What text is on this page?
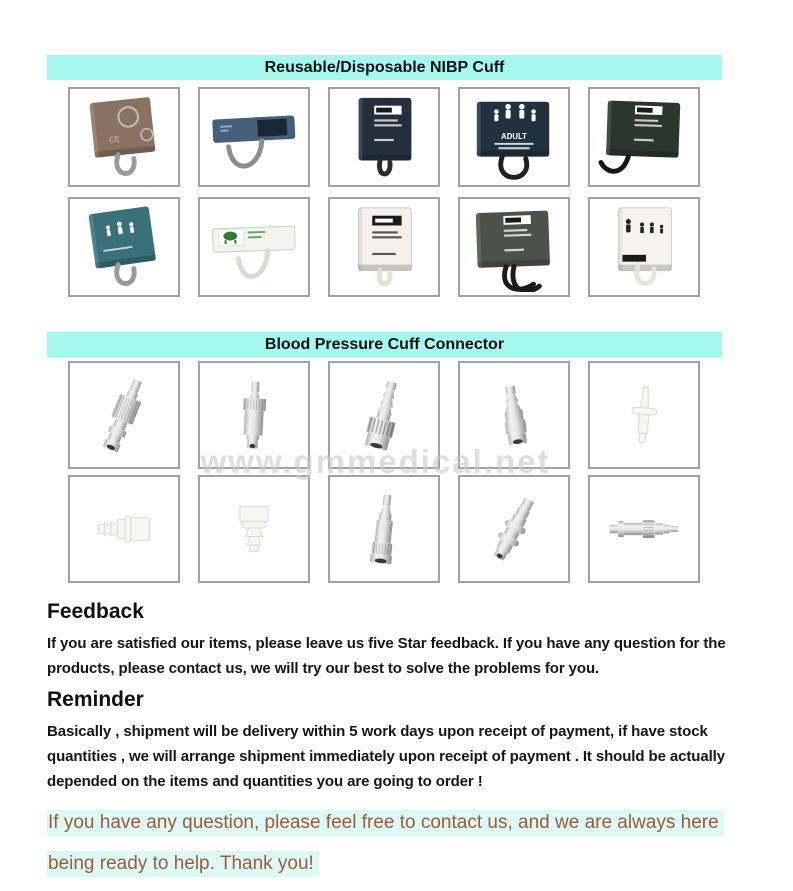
Reusable/Disposable NIBP Cuff
CE	ADULT
Blood Pressure Cuff Connector
www.gmmedical.net
Feedback

If you are satisfied our items, please leave us five Star feedback. If you have any question for the products, please contact us, we will try our best to solve the problems for you.

Reminder

Basically , shipment will be delivery within 5 work days upon receipt of payment, if have stock quantities , we will arrange shipment immediately upon receipt of payment . It should be actually depended on the items and quantities you are going to order !

If you have any question, please feel free to contact us, and we are always here
being ready to help. Thank you!
